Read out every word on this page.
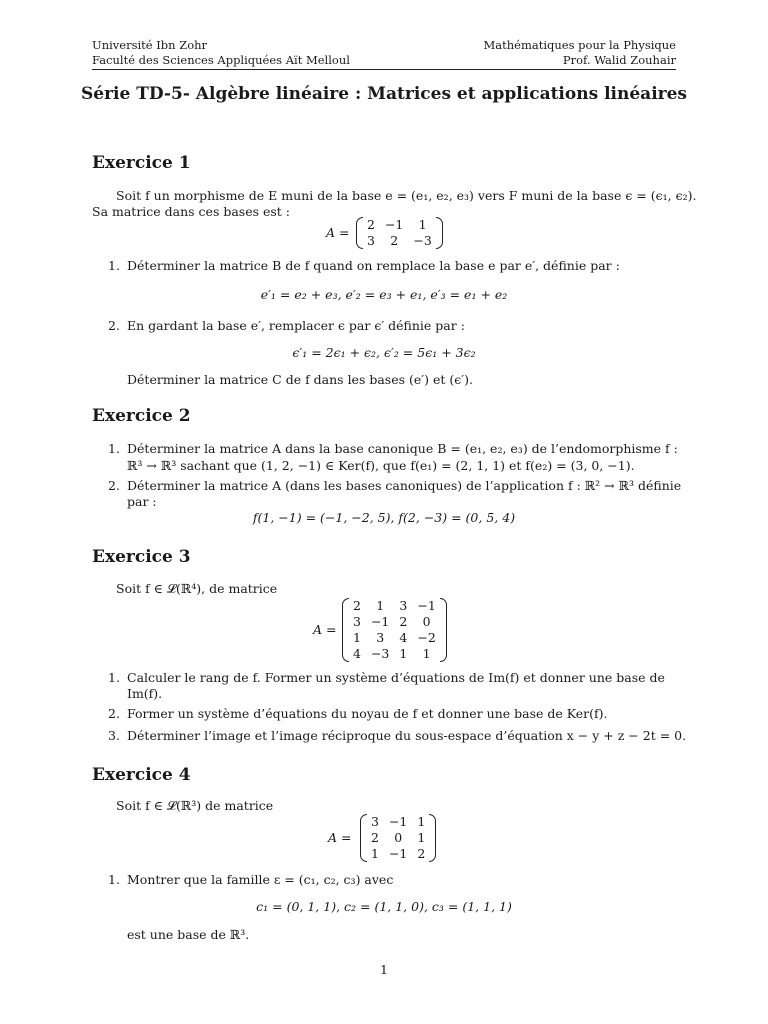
Université Ibn Zohr
Faculté des Sciences Appliquées Aït Melloul
Mathématiques pour la Physique
Prof. Walid Zouhair
Série TD-5- Algèbre linéaire : Matrices et applications linéaires
Exercice 1
Soit f un morphisme de E muni de la base e = (e₁, e₂, e₃) vers F muni de la base ϵ = (ϵ₁, ϵ₂).
Sa matrice dans ces bases est :
A =
2	−1	1
3	2	−3
1. Déterminer la matrice B de f quand on remplace la base e par e′, définie par :
e′₁ = e₂ + e₃, e′₂ = e₃ + e₁, e′₃ = e₁ + e₂
2. En gardant la base e′, remplacer ϵ par ϵ′ définie par :
ϵ′₁ = 2ϵ₁ + ϵ₂, ϵ′₂ = 5ϵ₁ + 3ϵ₂
Déterminer la matrice C de f dans les bases (e′) et (ϵ′).
Exercice 2
1. Déterminer la matrice A dans la base canonique B = (e₁, e₂, e₃) de l’endomorphisme f :
ℝ³ → ℝ³ sachant que (1, 2, −1) ∈ Ker(f), que f(e₁) = (2, 1, 1) et f(e₂) = (3, 0, −1).
2. Déterminer la matrice A (dans les bases canoniques) de l’application f : ℝ² → ℝ³ définie
par :
f(1, −1) = (−1, −2, 5), f(2, −3) = (0, 5, 4)
Exercice 3
Soit f ∈ 𝓛(ℝ⁴), de matrice
A =
2	1	3	−1
3	−1	2	0
1	3	4	−2
4	−3	1	1
1. Calculer le rang de f. Former un système d’équations de Im(f) et donner une base de
Im(f).
2. Former un système d’équations du noyau de f et donner une base de Ker(f).
3. Déterminer l’image et l’image réciproque du sous-espace d’équation x − y + z − 2t = 0.
Exercice 4
Soit f ∈ 𝓛(ℝ³) de matrice
A =
3	−1	1
2	0	1
1	−1	2
1. Montrer que la famille ε = (c₁, c₂, c₃) avec
c₁ = (0, 1, 1), c₂ = (1, 1, 0), c₃ = (1, 1, 1)
est une base de ℝ³.
1
